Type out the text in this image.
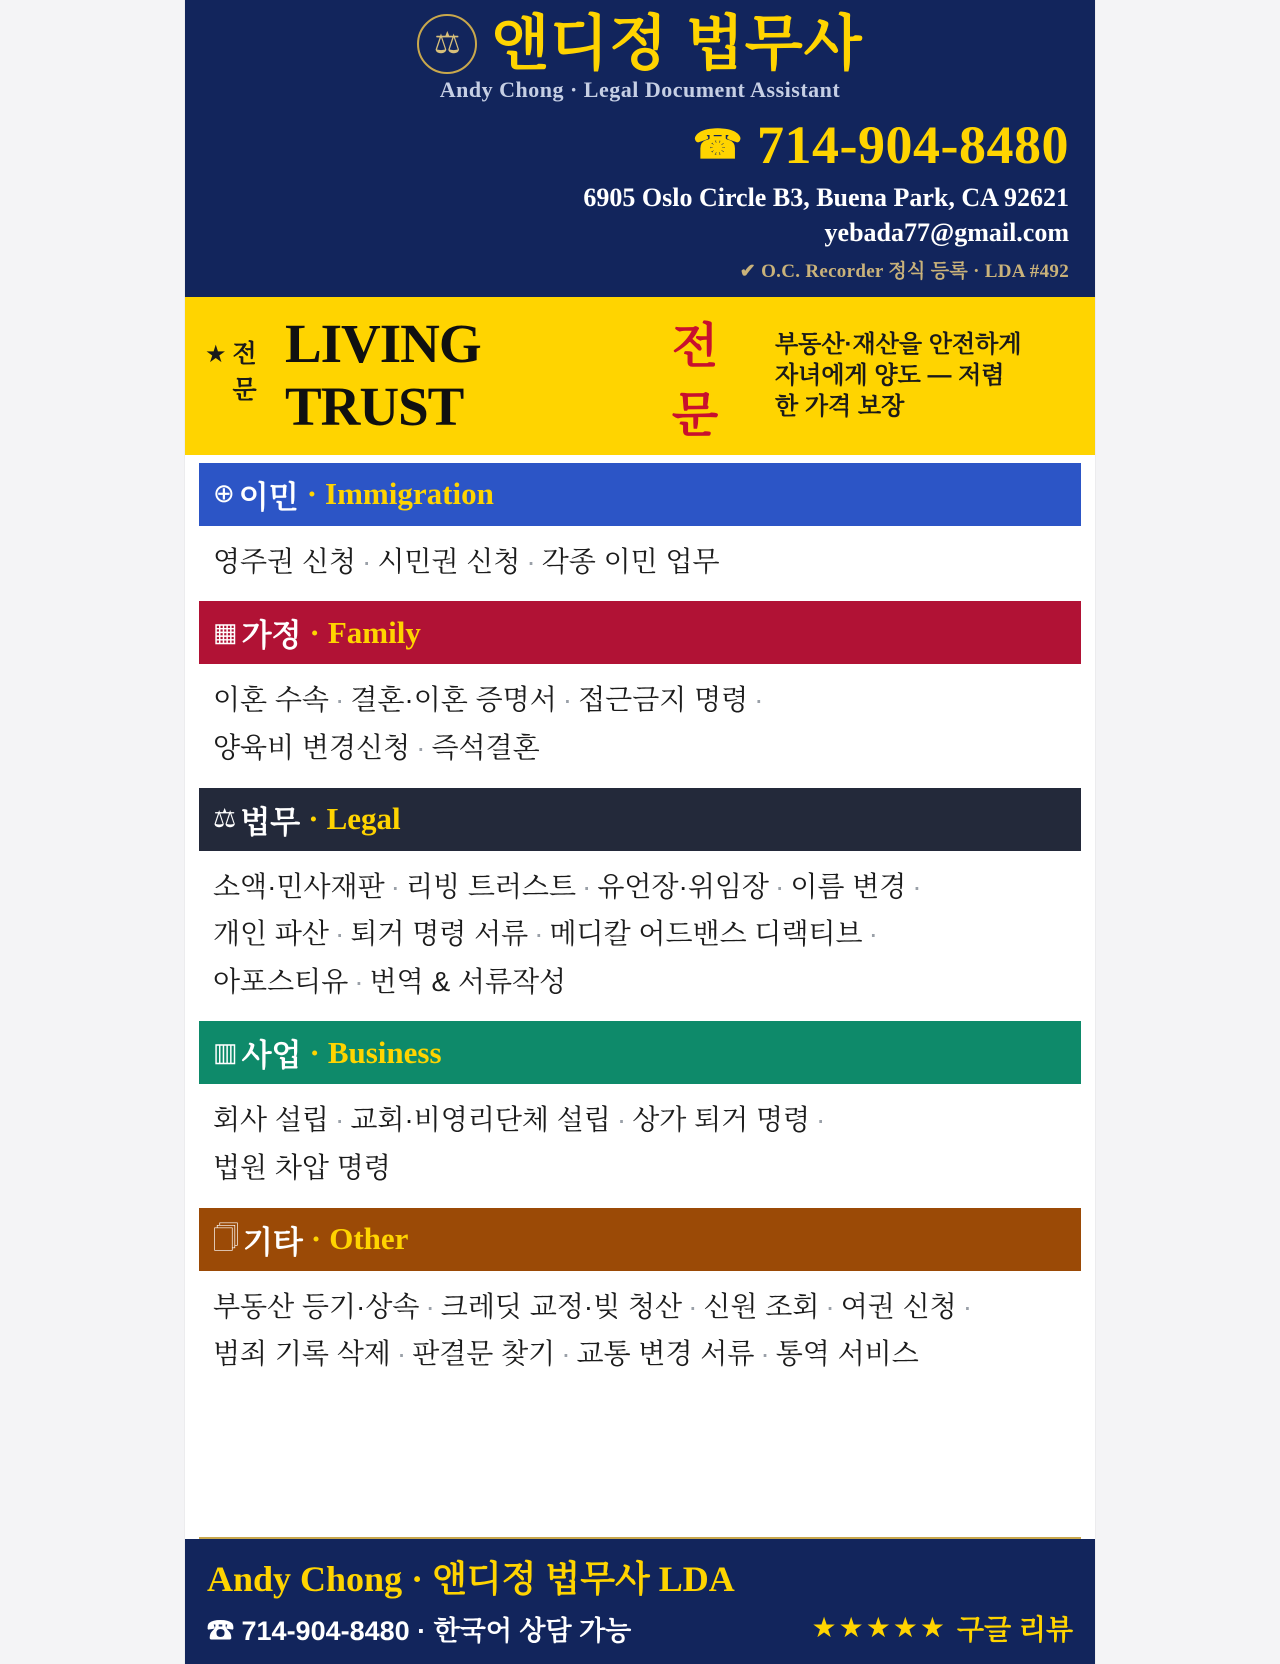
⚖ 앤디정 법무사
Andy Chong · Legal Document Assistant
☎ 714-904-8480
6905 Oslo Circle B3, Buena Park, CA 92621
yebada77@gmail.com
✔ O.C. Recorder 정식 등록 · LDA #492
★ 전문
LIVING TRUST
전문
부동산·재산을 안전하게
자녀에게 양도 — 저렴
한 가격 보장
⊕ 이민 · Immigration
영주권 신청 · 시민권 신청 · 각종 이민 업무
▦ 가정 · Family
이혼 수속 · 결혼·이혼 증명서 · 접근금지 명령 ·
양육비 변경신청 · 즉석결혼
⚖ 법무 · Legal
소액·민사재판 · 리빙 트러스트 · 유언장·위임장 · 이름 변경 ·
개인 파산 · 퇴거 명령 서류 · 메디칼 어드밴스 디랙티브 ·
아포스티유 · 번역 & 서류작성
▥ 사업 · Business
회사 설립 · 교회·비영리단체 설립 · 상가 퇴거 명령 ·
법원 차압 명령
🗍 기타 · Other
부동산 등기·상속 · 크레딧 교정·빚 청산 · 신원 조회 · 여권 신청 ·
범죄 기록 삭제 · 판결문 찾기 · 교통 변경 서류 · 통역 서비스
Andy Chong · 앤디정 법무사 LDA
☎ 714-904-8480 · 한국어 상담 가능	★★★★★ 구글 리뷰
